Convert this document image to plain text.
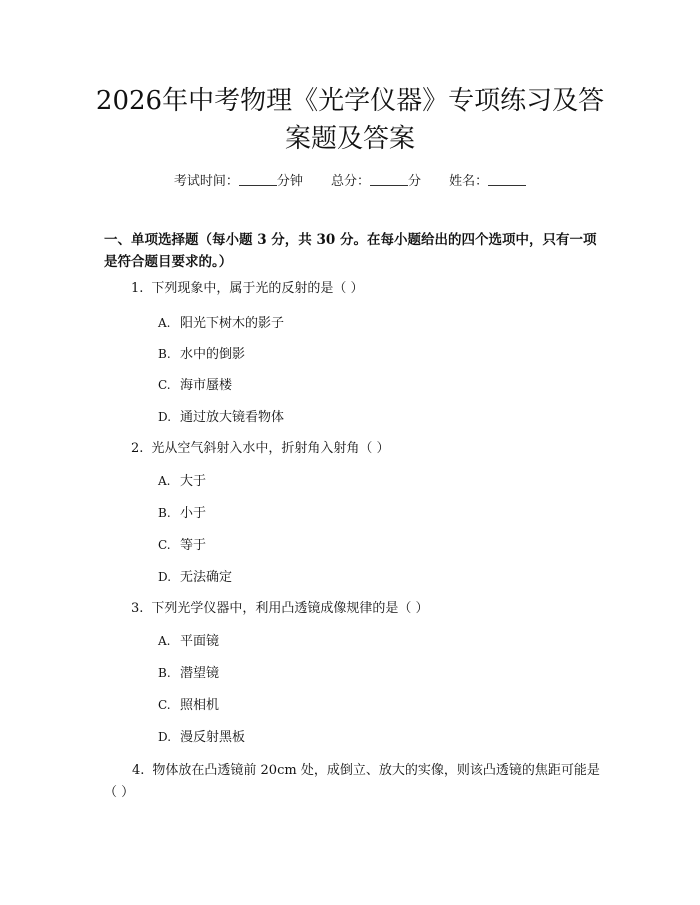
2026年中考物理《光学仪器》专项练习及答案题及答案
考试时间：	分钟 总分：	分 姓名：

一、单项选择题（每小题 3 分，共 30 分。在每小题给出的四个选项中，只有一项是符合题目要求的。）

1. 下列现象中，属于光的反射的是（ ）
A. 阳光下树木的影子
B. 水中的倒影
C. 海市蜃楼
D. 通过放大镜看物体
2. 光从空气斜射入水中，折射角入射角（ ）
A. 大于
B. 小于
C. 等于
D. 无法确定
3. 下列光学仪器中，利用凸透镜成像规律的是（ ）
A. 平面镜
B. 潜望镜
C. 照相机
D. 漫反射黑板
4. 物体放在凸透镜前 20cm 处，成倒立、放大的实像，则该凸透镜的焦距可能是（ ）
